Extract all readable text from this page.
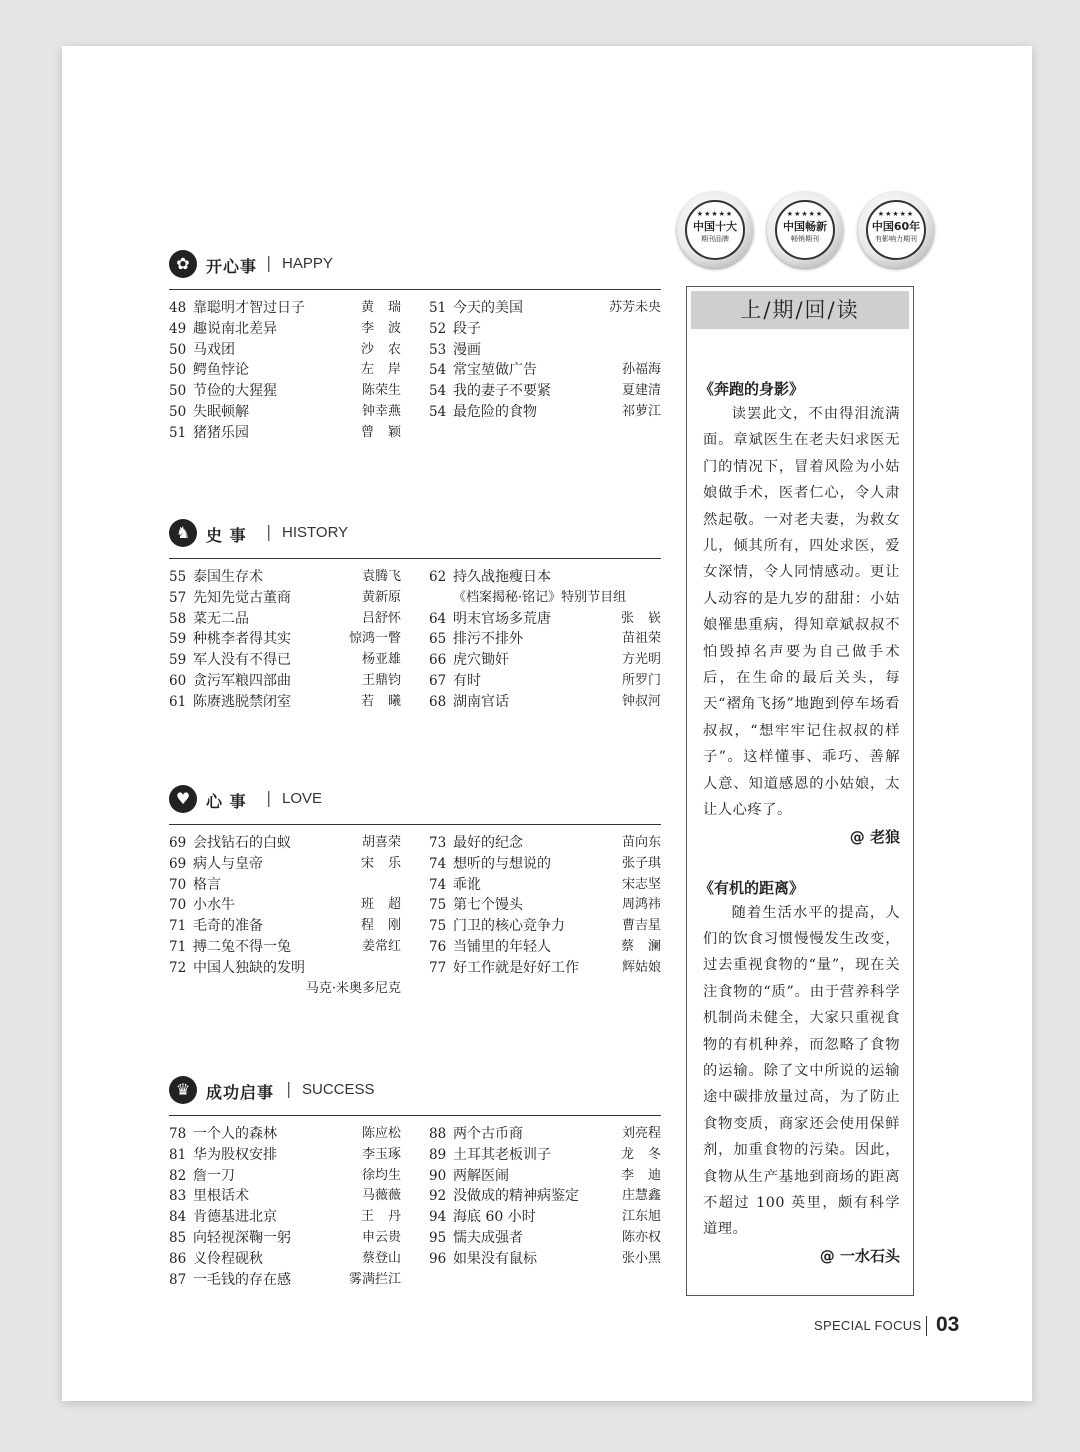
★★★★★
中国十大
期刊品牌
★★★★★
中国畅新
畅销期刊
★★★★★
中国60年
有影响力期刊
✿	开心事 | HAPPY
48 靠聪明才智过日子	黄瑞
49 趣说南北差异	李波
50 马戏团	沙农
50 鳄鱼悖论	左岸
50 节俭的大猩猩	陈荣生
50 失眠顿解	钟幸燕
51 猪猪乐园	曾颖
51 今天的美国	苏芳未央
52 段子
53 漫画
54 常宝堃做广告	孙福海
54 我的妻子不要紧	夏建清
54 最危险的食物	祁萝江
♞ 史 事 | HISTORY
55 泰国生存术	袁腾飞
57 先知先觉古董商	黄新原
58 菜无二品	吕舒怀
59 种桃李者得其实	惊鸿一瞥
59 军人没有不得已	杨亚雄
60 贪污军粮四部曲	王鼎钧
61 陈赓逃脱禁闭室	若曦
62 持久战拖瘦日本
《档案揭秘·铭记》特别节目组
64 明末官场多荒唐	张嵚
65 排污不排外	苗祖荣
66 虎穴锄奸	方光明
67 有时	所罗门
68 湖南官话	钟叔河
♥ 心 事 | LOVE
69 会找钻石的白蚁	胡喜荣
69 病人与皇帝	宋乐
70 格言
70 小水牛	班超
71 毛奇的准备	程刚
71 搏二兔不得一兔	姜常红
72 中国人独缺的发明
马克·米奥多尼克
73 最好的纪念	苗向东
74 想听的与想说的	张子琪
74 乖讹	宋志坚
75 第七个馒头	周鸿祎
75 门卫的核心竞争力	曹吉星
76 当铺里的年轻人	蔡澜
77 好工作就是好好工作	辉姑娘
♛ 成功启事 | SUCCESS
78 一个人的森林	陈应松
81 华为股权安排	李玉琢
82 詹一刀	徐均生
83 里根话术	马薇薇
84 肯德基进北京	王丹
85 向轻视深鞠一躬	申云贵
86 义伶程砚秋	蔡登山
87 一毛钱的存在感	雾满拦江
88 两个古币商	刘亮程
89 土耳其老板训子	龙冬
90 两解医闹	李迪
92 没做成的精神病鉴定	庄慧鑫
94 海底 60 小时	江东旭
95 懦夫成强者	陈亦权
96 如果没有鼠标	张小黑
上/期/回/读
《奔跑的身影》
读罢此文，不由得泪流满面。章斌医生在老夫妇求医无门的情况下，冒着风险为小姑娘做手术，医者仁心，令人肃然起敬。一对老夫妻，为救女儿，倾其所有，四处求医，爱女深情，令人同情感动。更让人动容的是九岁的甜甜：小姑娘罹患重病，得知章斌叔叔不怕毁掉名声要为自己做手术后，在生命的最后关头，每天“褶角飞扬”地跑到停车场看叔叔，“想牢牢记住叔叔的样子”。这样懂事、乖巧、善解人意、知道感恩的小姑娘，太让人心疼了。
@ 老狼
《有机的距离》
随着生活水平的提高，人们的饮食习惯慢慢发生改变，过去重视食物的“量”，现在关注食物的“质”。由于营养科学机制尚未健全，大家只重视食物的有机种养，而忽略了食物的运输。除了文中所说的运输途中碳排放量过高，为了防止食物变质，商家还会使用保鲜剂，加重食物的污染。因此，食物从生产基地到商场的距离不超过 100 英里，颇有科学道理。
@ 一水石头
SPECIAL FOCUS 03
